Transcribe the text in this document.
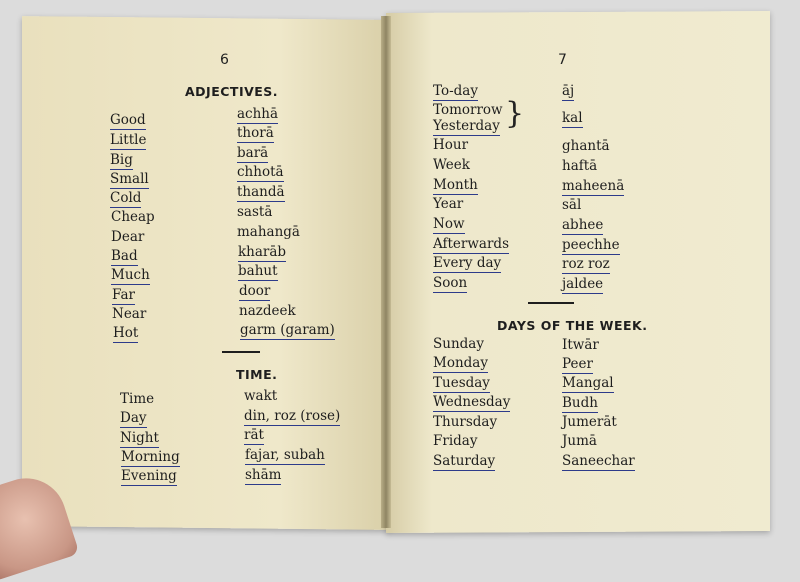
6
ADJECTIVES.
Good	achhā
Little	thorā
Big	barā
Small	chhotā
Cold	thandā
Cheap	sastā
Dear	mahangā
Bad	kharāb
Much	bahut
Far	door
Near	nazdeek
Hot	garm (garam)
TIME.
Time	wakt
Day	din, roz (rose)
Night	rāt
Morning	fajar, subah
Evening	shām
7
To-day	āj
Tomorrow
Yesterday }	kal
Hour	ghantā
Week	haftā
Month	maheenā
Year	sāl
Now	abhee
Afterwards	peechhe
Every day	roz roz
Soon	jaldee
DAYS OF THE WEEK.
Sunday	Itwār
Monday	Peer
Tuesday	Mangal
Wednesday	Budh
Thursday	Jumerāt
Friday	Jumā
Saturday	Saneechar
